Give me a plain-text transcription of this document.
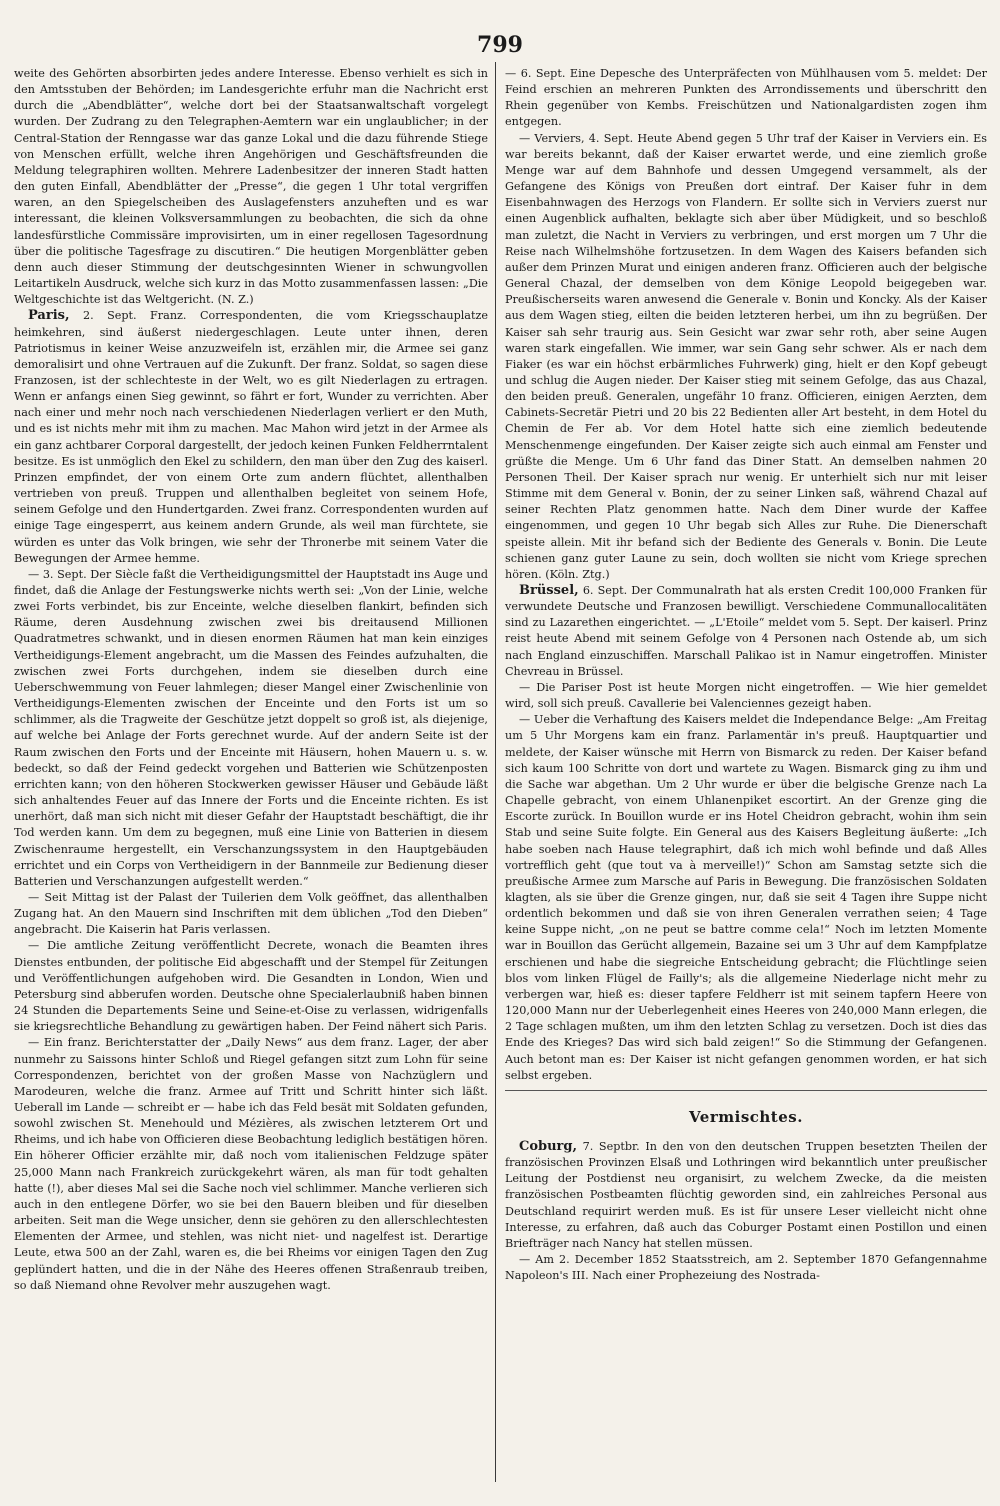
799

weite des Gehörten absorbirten jedes andere Interesse. Ebenso verhielt es sich in den Amtsstuben der Behörden; im Landesgerichte erfuhr man die Nachricht erst durch die „Abendblätter“, welche dort bei der Staatsanwaltschaft vorgelegt wurden. Der Zudrang zu den Telegraphen-Aemtern war ein unglaublicher; in der Central-Station der Renngasse war das ganze Lokal und die dazu führende Stiege von Menschen erfüllt, welche ihren Angehörigen und Geschäftsfreunden die Meldung telegraphiren wollten. Mehrere Ladenbesitzer der inneren Stadt hatten den guten Einfall, Abendblätter der „Presse“, die gegen 1 Uhr total vergriffen waren, an den Spiegelscheiben des Auslagefensters anzuheften und es war interessant, die kleinen Volksversammlungen zu beobachten, die sich da ohne landesfürstliche Commissäre improvisirten, um in einer regellosen Tagesordnung über die politische Tagesfrage zu discutiren.“ Die heutigen Morgenblätter geben denn auch dieser Stimmung der deutschgesinnten Wiener in schwungvollen Leitartikeln Ausdruck, welche sich kurz in das Motto zusammenfassen lassen: „Die Weltgeschichte ist das Weltgericht. (N. Z.)

Paris, 2. Sept. Franz. Correspondenten, die vom Kriegsschauplatze heimkehren, sind äußerst niedergeschlagen. Leute unter ihnen, deren Patriotismus in keiner Weise anzuzweifeln ist, erzählen mir, die Armee sei ganz demoralisirt und ohne Vertrauen auf die Zukunft. Der franz. Soldat, so sagen diese Franzosen, ist der schlechteste in der Welt, wo es gilt Niederlagen zu ertragen. Wenn er anfangs einen Sieg gewinnt, so fährt er fort, Wunder zu verrichten. Aber nach einer und mehr noch nach verschiedenen Niederlagen verliert er den Muth, und es ist nichts mehr mit ihm zu machen. Mac Mahon wird jetzt in der Armee als ein ganz achtbarer Corporal dargestellt, der jedoch keinen Funken Feldherrntalent besitze. Es ist unmöglich den Ekel zu schildern, den man über den Zug des kaiserl. Prinzen empfindet, der von einem Orte zum andern flüchtet, allenthalben vertrieben von preuß. Truppen und allenthalben begleitet von seinem Hofe, seinem Gefolge und den Hundertgarden. Zwei franz. Correspondenten wurden auf einige Tage eingesperrt, aus keinem andern Grunde, als weil man fürchtete, sie würden es unter das Volk bringen, wie sehr der Thronerbe mit seinem Vater die Bewegungen der Armee hemme.

— 3. Sept. Der Siècle faßt die Vertheidigungsmittel der Hauptstadt ins Auge und findet, daß die Anlage der Festungswerke nichts werth sei: „Von der Linie, welche zwei Forts verbindet, bis zur Enceinte, welche dieselben flankirt, befinden sich Räume, deren Ausdehnung zwischen zwei bis dreitausend Millionen Quadratmetres schwankt, und in diesen enormen Räumen hat man kein einziges Vertheidigungs-Element angebracht, um die Massen des Feindes aufzuhalten, die zwischen zwei Forts durchgehen, indem sie dieselben durch eine Ueberschwemmung von Feuer lahmlegen; dieser Mangel einer Zwischenlinie von Vertheidigungs-Elementen zwischen der Enceinte und den Forts ist um so schlimmer, als die Tragweite der Geschütze jetzt doppelt so groß ist, als diejenige, auf welche bei Anlage der Forts gerechnet wurde. Auf der andern Seite ist der Raum zwischen den Forts und der Enceinte mit Häusern, hohen Mauern u. s. w. bedeckt, so daß der Feind gedeckt vorgehen und Batterien wie Schützenposten errichten kann; von den höheren Stockwerken gewisser Häuser und Gebäude läßt sich anhaltendes Feuer auf das Innere der Forts und die Enceinte richten. Es ist unerhört, daß man sich nicht mit dieser Gefahr der Hauptstadt beschäftigt, die ihr Tod werden kann. Um dem zu begegnen, muß eine Linie von Batterien in diesem Zwischenraume hergestellt, ein Verschanzungssystem in den Hauptgebäuden errichtet und ein Corps von Vertheidigern in der Bannmeile zur Bedienung dieser Batterien und Verschanzungen aufgestellt werden.“

— Seit Mittag ist der Palast der Tuilerien dem Volk geöffnet, das allenthalben Zugang hat. An den Mauern sind Inschriften mit dem üblichen „Tod den Dieben“ angebracht. Die Kaiserin hat Paris verlassen.

— Die amtliche Zeitung veröffentlicht Decrete, wonach die Beamten ihres Dienstes entbunden, der politische Eid abgeschafft und der Stempel für Zeitungen und Veröffentlichungen aufgehoben wird. Die Gesandten in London, Wien und Petersburg sind abberufen worden. Deutsche ohne Specialerlaubniß haben binnen 24 Stunden die Departements Seine und Seine-et-Oise zu verlassen, widrigenfalls sie kriegsrechtliche Behandlung zu gewärtigen haben. Der Feind nähert sich Paris.

— Ein franz. Berichterstatter der „Daily News“ aus dem franz. Lager, der aber nunmehr zu Saissons hinter Schloß und Riegel gefangen sitzt zum Lohn für seine Correspondenzen, berichtet von der großen Masse von Nachzüglern und Marodeuren, welche die franz. Armee auf Tritt und Schritt hinter sich läßt. Ueberall im Lande — schreibt er — habe ich das Feld besät mit Soldaten gefunden, sowohl zwischen St. Menehould und Mézières, als zwischen letzterem Ort und Rheims, und ich habe von Officieren diese Beobachtung lediglich bestätigen hören. Ein höherer Officier erzählte mir, daß noch vom italienischen Feldzuge später 25,000 Mann nach Frankreich zurückgekehrt wären, als man für todt gehalten hatte (!), aber dieses Mal sei die Sache noch viel schlimmer. Manche verlieren sich auch in den entlegene Dörfer, wo sie bei den Bauern bleiben und für dieselben arbeiten. Seit man die Wege unsicher, denn sie gehören zu den allerschlechtesten Elementen der Armee, und stehlen, was nicht niet- und nagelfest ist. Derartige Leute, etwa 500 an der Zahl, waren es, die bei Rheims vor einigen Tagen den Zug geplündert hatten, und die in der Nähe des Heeres offenen Straßenraub treiben, so daß Niemand ohne Revolver mehr auszugehen wagt.

— 6. Sept. Eine Depesche des Unterpräfecten von Mühlhausen vom 5. meldet: Der Feind erschien an mehreren Punkten des Arrondissements und überschritt den Rhein gegenüber von Kembs. Freischützen und Nationalgardisten zogen ihm entgegen.

— Verviers, 4. Sept. Heute Abend gegen 5 Uhr traf der Kaiser in Verviers ein. Es war bereits bekannt, daß der Kaiser erwartet werde, und eine ziemlich große Menge war auf dem Bahnhofe und dessen Umgegend versammelt, als der Gefangene des Königs von Preußen dort eintraf. Der Kaiser fuhr in dem Eisenbahnwagen des Herzogs von Flandern. Er sollte sich in Verviers zuerst nur einen Augenblick aufhalten, beklagte sich aber über Müdigkeit, und so beschloß man zuletzt, die Nacht in Verviers zu verbringen, und erst morgen um 7 Uhr die Reise nach Wilhelmshöhe fortzusetzen. In dem Wagen des Kaisers befanden sich außer dem Prinzen Murat und einigen anderen franz. Officieren auch der belgische General Chazal, der demselben von dem Könige Leopold beigegeben war. Preußischerseits waren anwesend die Generale v. Bonin und Koncky. Als der Kaiser aus dem Wagen stieg, eilten die beiden letzteren herbei, um ihn zu begrüßen. Der Kaiser sah sehr traurig aus. Sein Gesicht war zwar sehr roth, aber seine Augen waren stark eingefallen. Wie immer, war sein Gang sehr schwer. Als er nach dem Fiaker (es war ein höchst erbärmliches Fuhrwerk) ging, hielt er den Kopf gebeugt und schlug die Augen nieder. Der Kaiser stieg mit seinem Gefolge, das aus Chazal, den beiden preuß. Generalen, ungefähr 10 franz. Officieren, einigen Aerzten, dem Cabinets-Secretär Pietri und 20 bis 22 Bedienten aller Art besteht, in dem Hotel du Chemin de Fer ab. Vor dem Hotel hatte sich eine ziemlich bedeutende Menschenmenge eingefunden. Der Kaiser zeigte sich auch einmal am Fenster und grüßte die Menge. Um 6 Uhr fand das Diner Statt. An demselben nahmen 20 Personen Theil. Der Kaiser sprach nur wenig. Er unterhielt sich nur mit leiser Stimme mit dem General v. Bonin, der zu seiner Linken saß, während Chazal auf seiner Rechten Platz genommen hatte. Nach dem Diner wurde der Kaffee eingenommen, und gegen 10 Uhr begab sich Alles zur Ruhe. Die Dienerschaft speiste allein. Mit ihr befand sich der Bediente des Generals v. Bonin. Die Leute schienen ganz guter Laune zu sein, doch wollten sie nicht vom Kriege sprechen hören. (Köln. Ztg.)

Brüssel, 6. Sept. Der Communalrath hat als ersten Credit 100,000 Franken für verwundete Deutsche und Franzosen bewilligt. Verschiedene Communallocalitäten sind zu Lazarethen eingerichtet. — „L'Etoile“ meldet vom 5. Sept. Der kaiserl. Prinz reist heute Abend mit seinem Gefolge von 4 Personen nach Ostende ab, um sich nach England einzuschiffen. Marschall Palikao ist in Namur eingetroffen. Minister Chevreau in Brüssel.

— Die Pariser Post ist heute Morgen nicht eingetroffen. — Wie hier gemeldet wird, soll sich preuß. Cavallerie bei Valenciennes gezeigt haben.

— Ueber die Verhaftung des Kaisers meldet die Independance Belge: „Am Freitag um 5 Uhr Morgens kam ein franz. Parlamentär in's preuß. Hauptquartier und meldete, der Kaiser wünsche mit Herrn von Bismarck zu reden. Der Kaiser befand sich kaum 100 Schritte von dort und wartete zu Wagen. Bismarck ging zu ihm und die Sache war abgethan. Um 2 Uhr wurde er über die belgische Grenze nach La Chapelle gebracht, von einem Uhlanenpiket escortirt. An der Grenze ging die Escorte zurück. In Bouillon wurde er ins Hotel Cheidron gebracht, wohin ihm sein Stab und seine Suite folgte. Ein General aus des Kaisers Begleitung äußerte: „Ich habe soeben nach Hause telegraphirt, daß ich mich wohl befinde und daß Alles vortrefflich geht (que tout va à merveille!)“ Schon am Samstag setzte sich die preußische Armee zum Marsche auf Paris in Bewegung. Die französischen Soldaten klagten, als sie über die Grenze gingen, nur, daß sie seit 4 Tagen ihre Suppe nicht ordentlich bekommen und daß sie von ihren Generalen verrathen seien; 4 Tage keine Suppe nicht, „on ne peut se battre comme cela!“ Noch im letzten Momente war in Bouillon das Gerücht allgemein, Bazaine sei um 3 Uhr auf dem Kampfplatze erschienen und habe die siegreiche Entscheidung gebracht; die Flüchtlinge seien blos vom linken Flügel de Failly's; als die allgemeine Niederlage nicht mehr zu verbergen war, hieß es: dieser tapfere Feldherr ist mit seinem tapfern Heere von 120,000 Mann nur der Ueberlegenheit eines Heeres von 240,000 Mann erlegen, die 2 Tage schlagen mußten, um ihm den letzten Schlag zu versetzen. Doch ist dies das Ende des Krieges? Das wird sich bald zeigen!“ So die Stimmung der Gefangenen. Auch betont man es: Der Kaiser ist nicht gefangen genommen worden, er hat sich selbst ergeben.

Vermischtes.

Coburg, 7. Septbr. In den von den deutschen Truppen besetzten Theilen der französischen Provinzen Elsaß und Lothringen wird bekanntlich unter preußischer Leitung der Postdienst neu organisirt, zu welchem Zwecke, da die meisten französischen Postbeamten flüchtig geworden sind, ein zahlreiches Personal aus Deutschland requirirt werden muß. Es ist für unsere Leser vielleicht nicht ohne Interesse, zu erfahren, daß auch das Coburger Postamt einen Postillon und einen Briefträger nach Nancy hat stellen müssen.

— Am 2. December 1852 Staatsstreich, am 2. September 1870 Gefangennahme Napoleon's III. Nach einer Prophezeiung des Nostrada-
